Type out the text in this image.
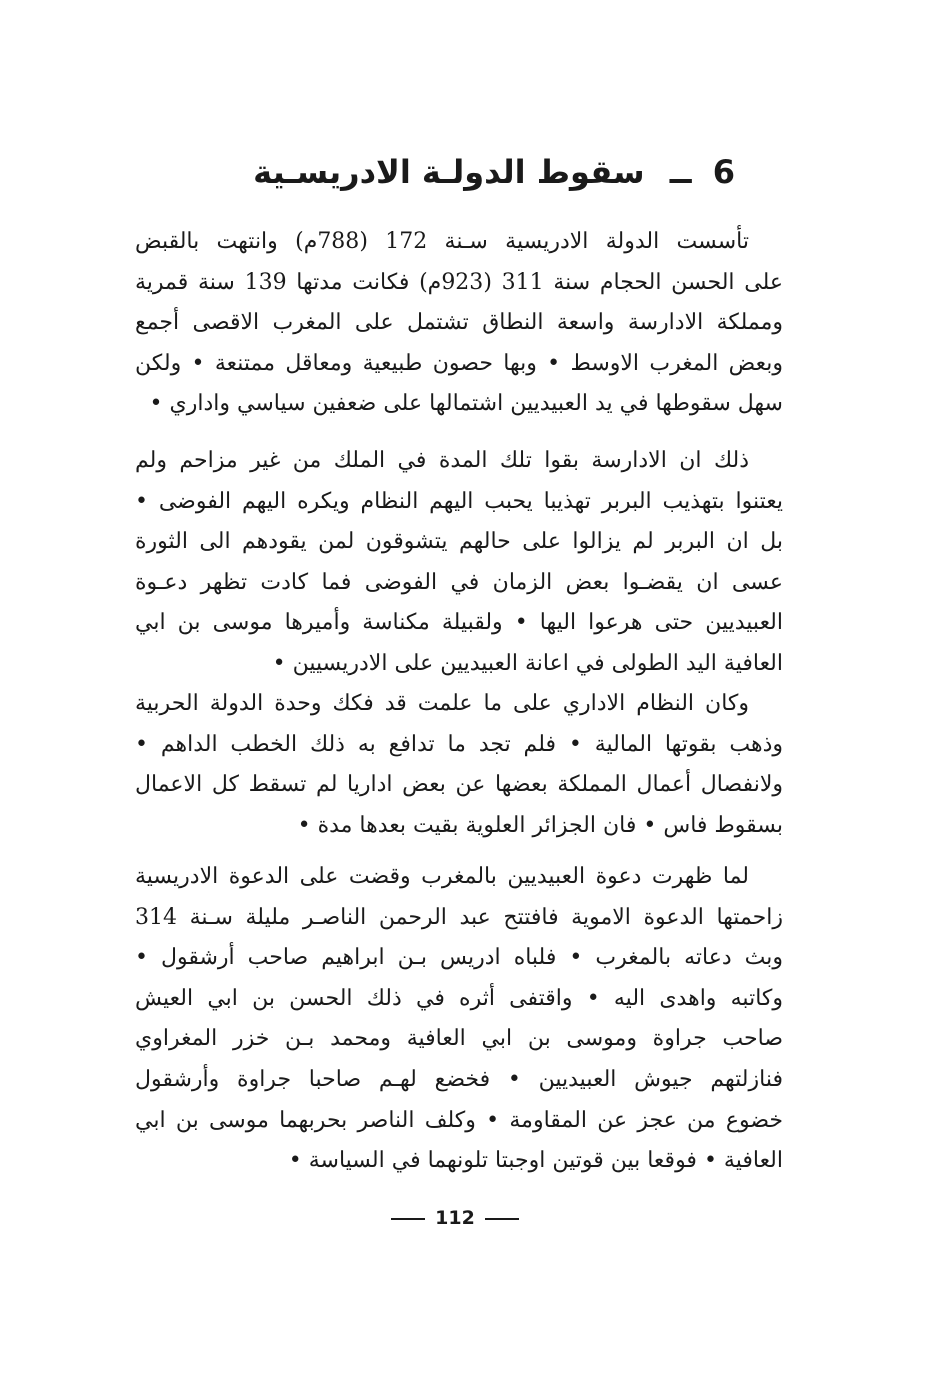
6 ــ سقوط الدولـة الادريسـية
تأسست الدولة الادريسية سـنة 172 (788م) وانتهت بالقبض
على الحسن الحجام سنة 311 (923م) فكانت مدتها 139 سنة قمرية
ومملكة الادارسة واسعة النطاق تشتمل على المغرب الاقصى أجمع
وبعض المغرب الاوسط • وبها حصون طبيعية ومعاقل ممتنعة • ولكن
سهل سقوطها في يد العبيديين اشتمالها على ضعفين سياسي واداري •
ذلك ان الادارسة بقوا تلك المدة في الملك من غير مزاحم ولم
يعتنوا بتهذيب البربر تهذيبا يحبب اليهم النظام ويكره اليهم الفوضى •
بل ان البربر لم يزالوا على حالهم يتشوقون لمن يقودهم الى الثورة
عسى ان يقضـوا بعض الزمان في الفوضى فما كادت تظهر دعـوة
العبيديين حتى هرعوا اليها • ولقبيلة مكناسة وأميرها موسى بن ابي
العافية اليد الطولى في اعانة العبيديين على الادريسيين •
وكان النظام الاداري على ما علمت قد فكك وحدة الدولة الحربية
وذهب بقوتها المالية • فلم تجد ما تدافع به ذلك الخطب الداهم •
ولانفصال أعمال المملكة بعضها عن بعض اداريا لم تسقط كل الاعمال
بسقوط فاس • فان الجزائر العلوية بقيت بعدها مدة •
لما ظهرت دعوة العبيديين بالمغرب وقضت على الدعوة الادريسية
زاحمتها الدعوة الاموية فافتتح عبد الرحمن الناصـر مليلة سـنة 314
وبث دعاته بالمغرب • فلباه ادريس بـن ابراهيم صاحب أرشقول •
وكاتبه واهدى اليه • واقتفى أثره في ذلك الحسن بن ابي العيش
صاحب جراوة وموسى بن ابي العافية ومحمد بـن خزر المغراوي
فنازلتهم جيوش العبيديين • فخضع لهـم صاحبا جراوة وأرشقول
خضوع من عجز عن المقاومة • وكلف الناصر بحربهما موسى بن ابي
العافية • فوقعا بين قوتين اوجبتا تلونهما في السياسة •
112
